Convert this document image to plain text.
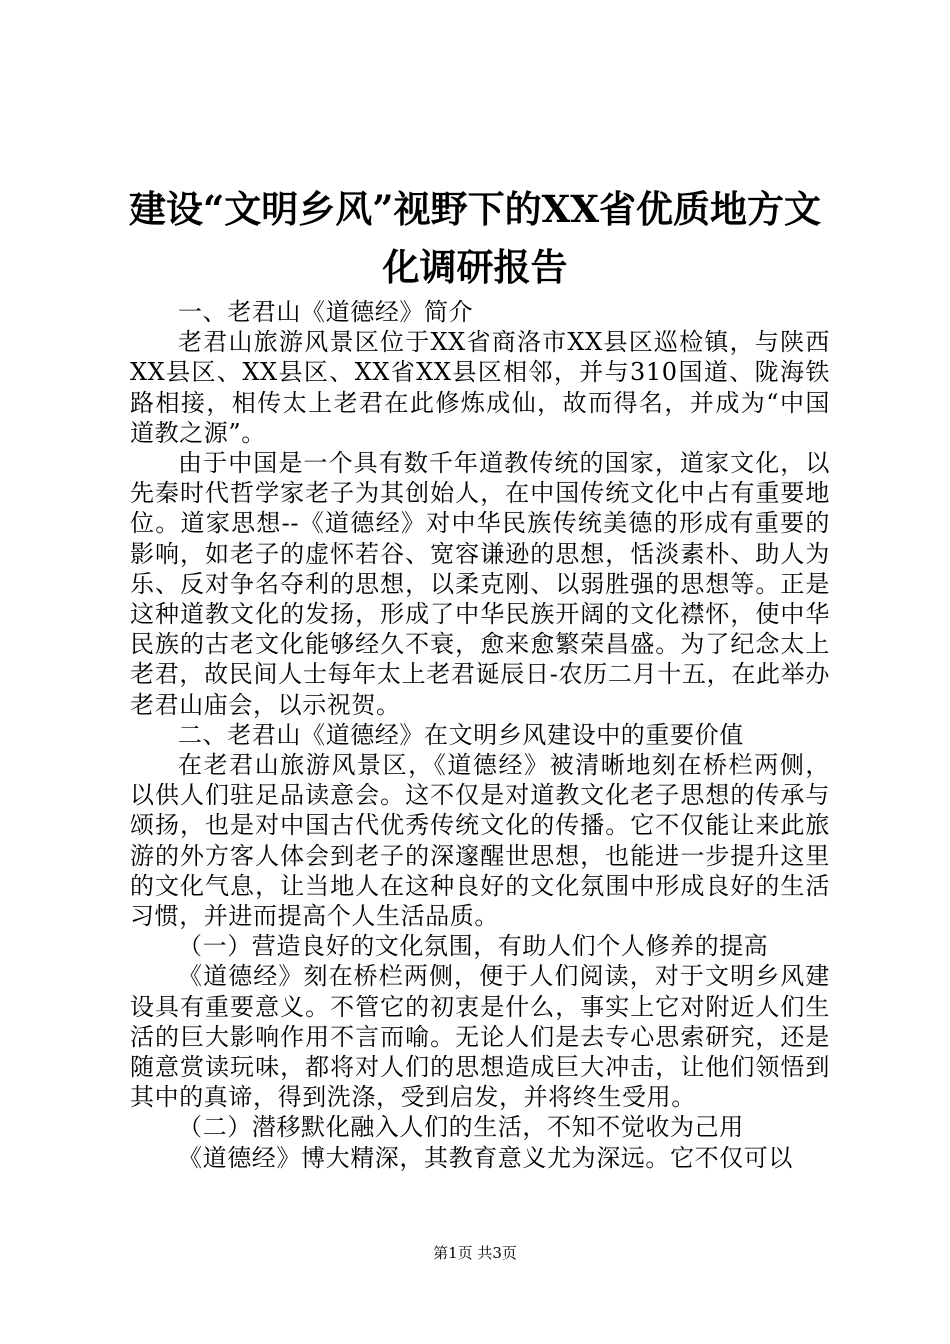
建设“文明乡风”视野下的XX省优质地方文
化调研报告

一、老君山《道德经》简介

老君山旅游风景区位于XX省商洛市XX县区巡检镇，与陕西XX县区、XX县区、XX省XX县区相邻，并与310国道、陇海铁路相接，相传太上老君在此修炼成仙，故而得名，并成为“中国道教之源”。

由于中国是一个具有数千年道教传统的国家，道家文化，以先秦时代哲学家老子为其创始人，在中国传统文化中占有重要地位。道家思想--《道德经》对中华民族传统美德的形成有重要的影响，如老子的虚怀若谷、宽容谦逊的思想，恬淡素朴、助人为乐、反对争名夺利的思想，以柔克刚、以弱胜强的思想等。正是这种道教文化的发扬，形成了中华民族开阔的文化襟怀，使中华民族的古老文化能够经久不衰，愈来愈繁荣昌盛。为了纪念太上老君，故民间人士每年太上老君诞辰日-农历二月十五，在此举办老君山庙会，以示祝贺。

二、老君山《道德经》在文明乡风建设中的重要价值

在老君山旅游风景区，《道德经》被清晰地刻在桥栏两侧，以供人们驻足品读意会。这不仅是对道教文化老子思想的传承与颂扬，也是对中国古代优秀传统文化的传播。它不仅能让来此旅游的外方客人体会到老子的深邃醒世思想，也能进一步提升这里的文化气息，让当地人在这种良好的文化氛围中形成良好的生活习惯，并进而提高个人生活品质。

（一）营造良好的文化氛围，有助人们个人修养的提高

《道德经》刻在桥栏两侧，便于人们阅读，对于文明乡风建设具有重要意义。不管它的初衷是什么，事实上它对附近人们生活的巨大影响作用不言而喻。无论人们是去专心思索研究，还是随意赏读玩味，都将对人们的思想造成巨大冲击，让他们领悟到其中的真谛，得到洗涤，受到启发，并将终生受用。

（二）潜移默化融入人们的生活，不知不觉收为己用

《道德经》博大精深，其教育意义尤为深远。它不仅可以

第1页 共3页
